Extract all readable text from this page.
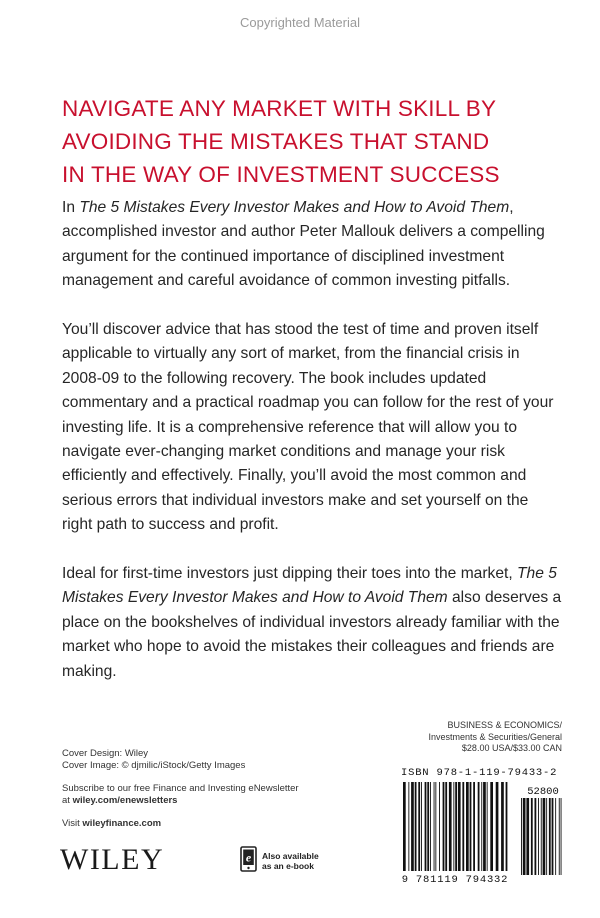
Copyrighted Material
NAVIGATE ANY MARKET WITH SKILL BY
AVOIDING THE MISTAKES THAT STAND
IN THE WAY OF INVESTMENT SUCCESS

In The 5 Mistakes Every Investor Makes and How to Avoid Them, accomplished investor and author Peter Mallouk delivers a compelling argument for the continued importance of disciplined investment management and careful avoidance of common investing pitfalls.

You’ll discover advice that has stood the test of time and proven itself applicable to virtually any sort of market, from the financial crisis in 2008-09 to the following recovery. The book includes updated commentary and a practical roadmap you can follow for the rest of your investing life. It is a comprehensive reference that will allow you to navigate ever-changing market conditions and manage your risk efficiently and effectively. Finally, you’ll avoid the most common and serious errors that individual investors make and set yourself on the right path to success and profit.

Ideal for first-time investors just dipping their toes into the market, The 5 Mistakes Every Investor Makes and How to Avoid Them also deserves a place on the bookshelves of individual investors already familiar with the market who hope to avoid the mistakes their colleagues and friends are making.

Cover Design: Wiley
Cover Image: © djmilic/iStock/Getty Images
Subscribe to our free Finance and Investing eNewsletter
at wiley.com/enewsletters
Visit wileyfinance.com
WILEY	e Also available
as an e-book
BUSINESS & ECONOMICS/
Investments & Securities/General
$28.00 USA/$33.00 CAN
ISBN 978-1-119-79433-2
52800
9 781119 794332
